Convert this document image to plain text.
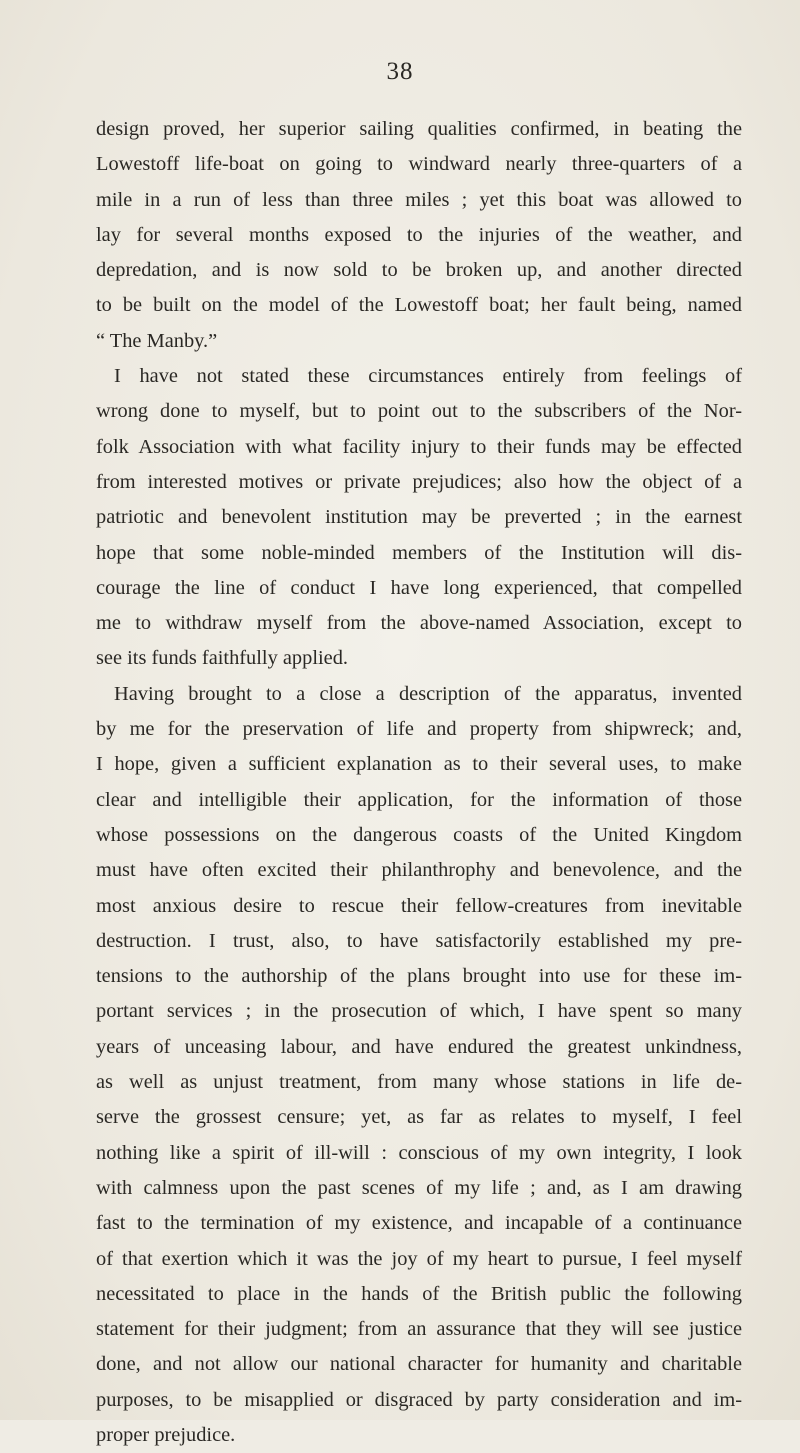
38
design proved, her superior sailing qualities confirmed, in beating the
Lowestoff life-boat on going to windward nearly three-quarters of a
mile in a run of less than three miles ; yet this boat was allowed to
lay for several months exposed to the injuries of the weather, and
depredation, and is now sold to be broken up, and another directed
to be built on the model of the Lowestoff boat; her fault being, named
“ The Manby.”
I have not stated these circumstances entirely from feelings of
wrong done to myself, but to point out to the subscribers of the Nor-
folk Association with what facility injury to their funds may be effected
from interested motives or private prejudices; also how the object of a
patriotic and benevolent institution may be preverted ; in the earnest
hope that some noble-minded members of the Institution will dis-
courage the line of conduct I have long experienced, that compelled
me to withdraw myself from the above-named Association, except to
see its funds faithfully applied.
Having brought to a close a description of the apparatus, invented
by me for the preservation of life and property from shipwreck; and,
I hope, given a sufficient explanation as to their several uses, to make
clear and intelligible their application, for the information of those
whose possessions on the dangerous coasts of the United Kingdom
must have often excited their philanthrophy and benevolence, and the
most anxious desire to rescue their fellow-creatures from inevitable
destruction. I trust, also, to have satisfactorily established my pre-
tensions to the authorship of the plans brought into use for these im-
portant services ; in the prosecution of which, I have spent so many
years of unceasing labour, and have endured the greatest unkindness,
as well as unjust treatment, from many whose stations in life de-
serve the grossest censure; yet, as far as relates to myself, I feel
nothing like a spirit of ill-will : conscious of my own integrity, I look
with calmness upon the past scenes of my life ; and, as I am drawing
fast to the termination of my existence, and incapable of a continuance
of that exertion which it was the joy of my heart to pursue, I feel myself
necessitated to place in the hands of the British public the following
statement for their judgment; from an assurance that they will see justice
done, and not allow our national character for humanity and charitable
purposes, to be misapplied or disgraced by party consideration and im-
proper prejudice.
